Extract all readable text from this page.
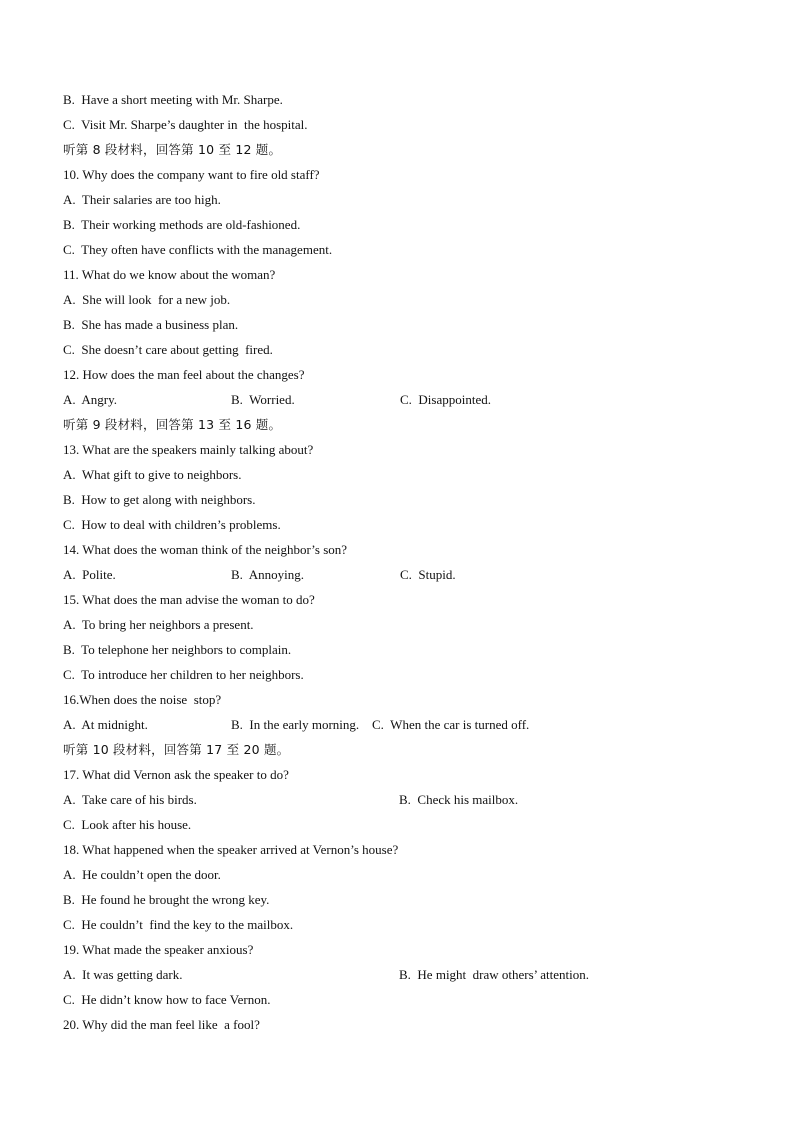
B.  Have a short meeting with Mr. Sharpe.
C.  Visit Mr. Sharpe’s daughter in  the hospital.
听第 8 段材料，回答第 10 至 12 题。
10. Why does the company want to fire old staff?
A.  Their salaries are too high.
B.  Their working methods are old-fashioned.
C.  They often have conflicts with the management.
11. What do we know about the woman?
A.  She will look  for a new job.
B.  She has made a business plan.
C.  She doesn’t care about getting  fired.
12. How does the man feel about the changes?

A.  Angry.

	B.  Worried.

	C.  Disappointed.

听第 9 段材料，回答第 13 至 16 题。
13. What are the speakers mainly talking about?
A.  What gift to give to neighbors.
B.  How to get along with neighbors.
C.  How to deal with children’s problems.
14. What does the woman think of the neighbor’s son?

A.  Polite.

	B.  Annoying.

	C.  Stupid.

15. What does the man advise the woman to do?
A.  To bring her neighbors a present.
B.  To telephone her neighbors to complain.
C.  To introduce her children to her neighbors.
16.When does the noise  stop?

A.  At midnight.

	B.  In the early morning.

C.  When the car is turned off.

听第 10 段材料，回答第 17 至 20 题。
17. What did Vernon ask the speaker to do?

A.  Take care of his birds.

	B.  Check his mailbox.

C.  Look after his house.
18. What happened when the speaker arrived at Vernon’s house?
A.  He couldn’t open the door.
B.  He found he brought the wrong key.
C.  He couldn’t  find the key to the mailbox.
19. What made the speaker anxious?

A.  It was getting dark.

	B.  He might  draw others’ attention.

C.  He didn’t know how to face Vernon.
20. Why did the man feel like  a fool?
